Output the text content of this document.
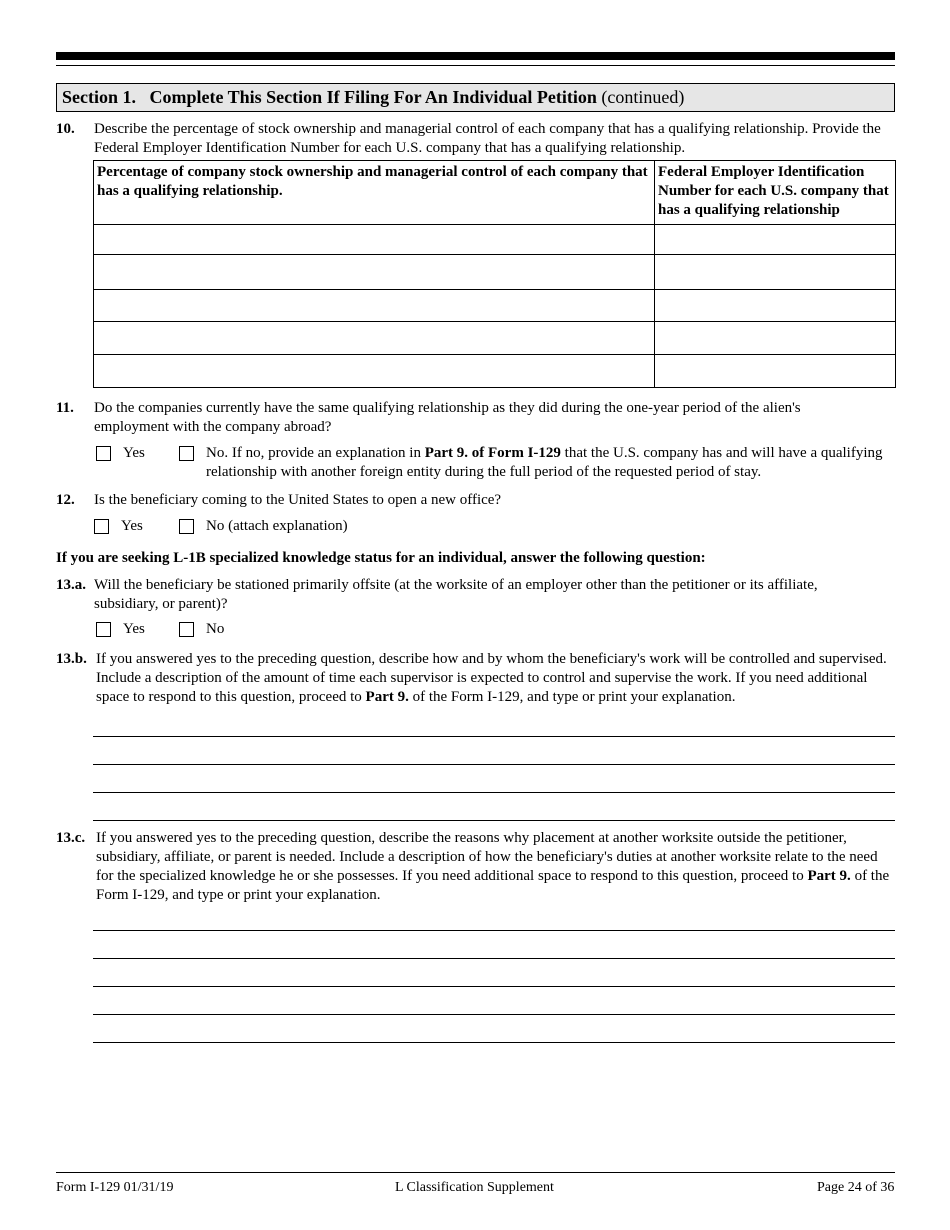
Section 1. Complete This Section If Filing For An Individual Petition (continued)
10. Describe the percentage of stock ownership and managerial control of each company that has a qualifying relationship. Provide the Federal Employer Identification Number for each U.S. company that has a qualifying relationship.
Percentage of company stock ownership and managerial control of each company that has a qualifying relationship.	Federal Employer Identification Number for each U.S. company that has a qualifying relationship

11. Do the companies currently have the same qualifying relationship as they did during the one-year period of the alien's employment with the company abroad?
Yes	No. If no, provide an explanation in Part 9. of Form I-129 that the U.S. company has and will have a qualifying relationship with another foreign entity during the full period of the requested period of stay.
12. Is the beneficiary coming to the United States to open a new office?
Yes	No (attach explanation)
If you are seeking L-1B specialized knowledge status for an individual, answer the following question:
13.a. Will the beneficiary be stationed primarily offsite (at the worksite of an employer other than the petitioner or its affiliate, subsidiary, or parent)?
Yes	No
13.b. If you answered yes to the preceding question, describe how and by whom the beneficiary's work will be controlled and supervised. Include a description of the amount of time each supervisor is expected to control and supervise the work. If you need additional space to respond to this question, proceed to Part 9. of the Form I-129, and type or print your explanation.
13.c. If you answered yes to the preceding question, describe the reasons why placement at another worksite outside the petitioner, subsidiary, affiliate, or parent is needed. Include a description of how the beneficiary's duties at another worksite relate to the need for the specialized knowledge he or she possesses. If you need additional space to respond to this question, proceed to Part 9. of the Form I-129, and type or print your explanation.
Form I-129 01/31/19	L Classification Supplement	Page 24 of 36
